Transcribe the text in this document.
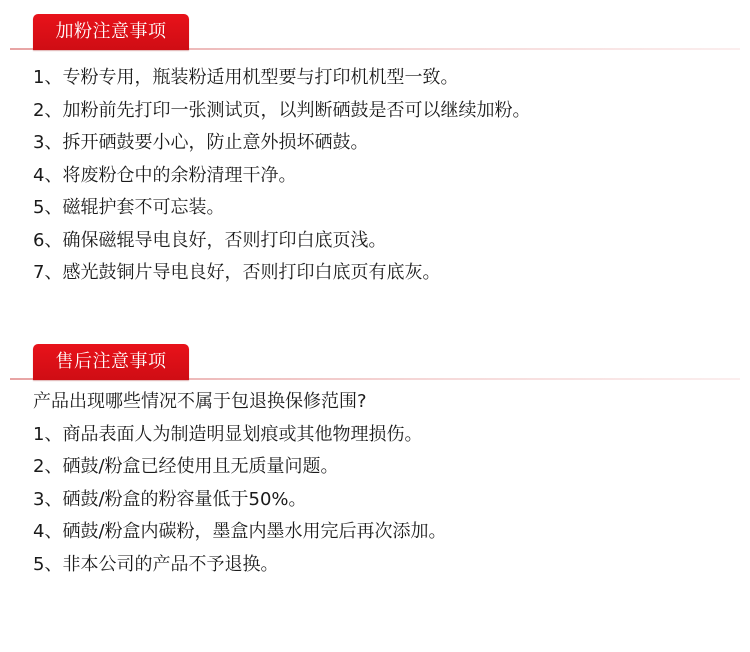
加粉注意事项
1、专粉专用，瓶装粉适用机型要与打印机机型一致。
2、加粉前先打印一张测试页，以判断硒鼓是否可以继续加粉。
3、拆开硒鼓要小心，防止意外损坏硒鼓。
4、将废粉仓中的余粉清理干净。
5、磁辊护套不可忘装。
6、确保磁辊导电良好，否则打印白底页浅。
7、感光鼓铜片导电良好，否则打印白底页有底灰。
售后注意事项
产品出现哪些情况不属于包退换保修范围?
1、商品表面人为制造明显划痕或其他物理损伤。
2、硒鼓/粉盒已经使用且无质量问题。
3、硒鼓/粉盒的粉容量低于50%。
4、硒鼓/粉盒内碳粉，墨盒内墨水用完后再次添加。
5、非本公司的产品不予退换。
